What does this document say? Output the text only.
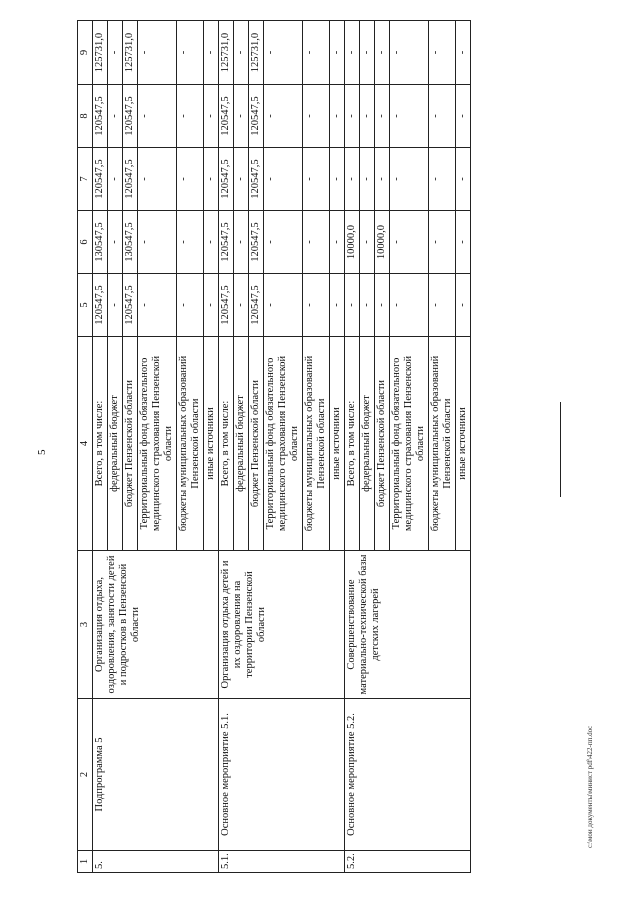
5
c:\мои документы\минист pdf\422-пп.doc
1	2	3	4	5	6	7	8	9
5.	Подпрограмма 5	Организация отдыха, оздоровления, занятости детей и подростков в Пензенской области	Всего, в том числе:	120547,5	130547,5	120547,5	120547,5	125731,0
			федеральный бюджет	-	-	-	-	-
			бюджет Пензенской области	120547,5	130547,5	120547,5	120547,5	125731,0
			Территориальный фонд обязательного медицинского страхования Пензенской области	-	-	-	-	-
			бюджеты муниципальных образований Пензенской области	-	-	-	-	-
			иные источники	-	-	-	-	-
5.1.	Основное мероприятие 5.1.	Организация отдыха детей и их оздоровления на территории Пензенской области	Всего, в том числе:	120547,5	120547,5	120547,5	120547,5	125731,0
			федеральный бюджет	-	-	-	-	-
			бюджет Пензенской области	120547,5	120547,5	120547,5	120547,5	125731,0
			Территориальный фонд обязательного медицинского страхования Пензенской области	-	-	-	-	-
			бюджеты муниципальных образований Пензенской области	-	-	-	-	-
			иные источники	-	-	-	-	-
5.2.	Основное мероприятие 5.2.	Совершенствование материально-технической базы детских лагерей	Всего, в том числе:	-	10000,0	-	-	-
			федеральный бюджет	-	-	-	-	-
			бюджет Пензенской области	-	10000,0	-	-	-
			Территориальный фонд обязательного медицинского страхования Пензенской области	-	-	-	-	-
			бюджеты муниципальных образований Пензенской области	-	-	-	-	-
			иные источники	-	-	-	-	-
